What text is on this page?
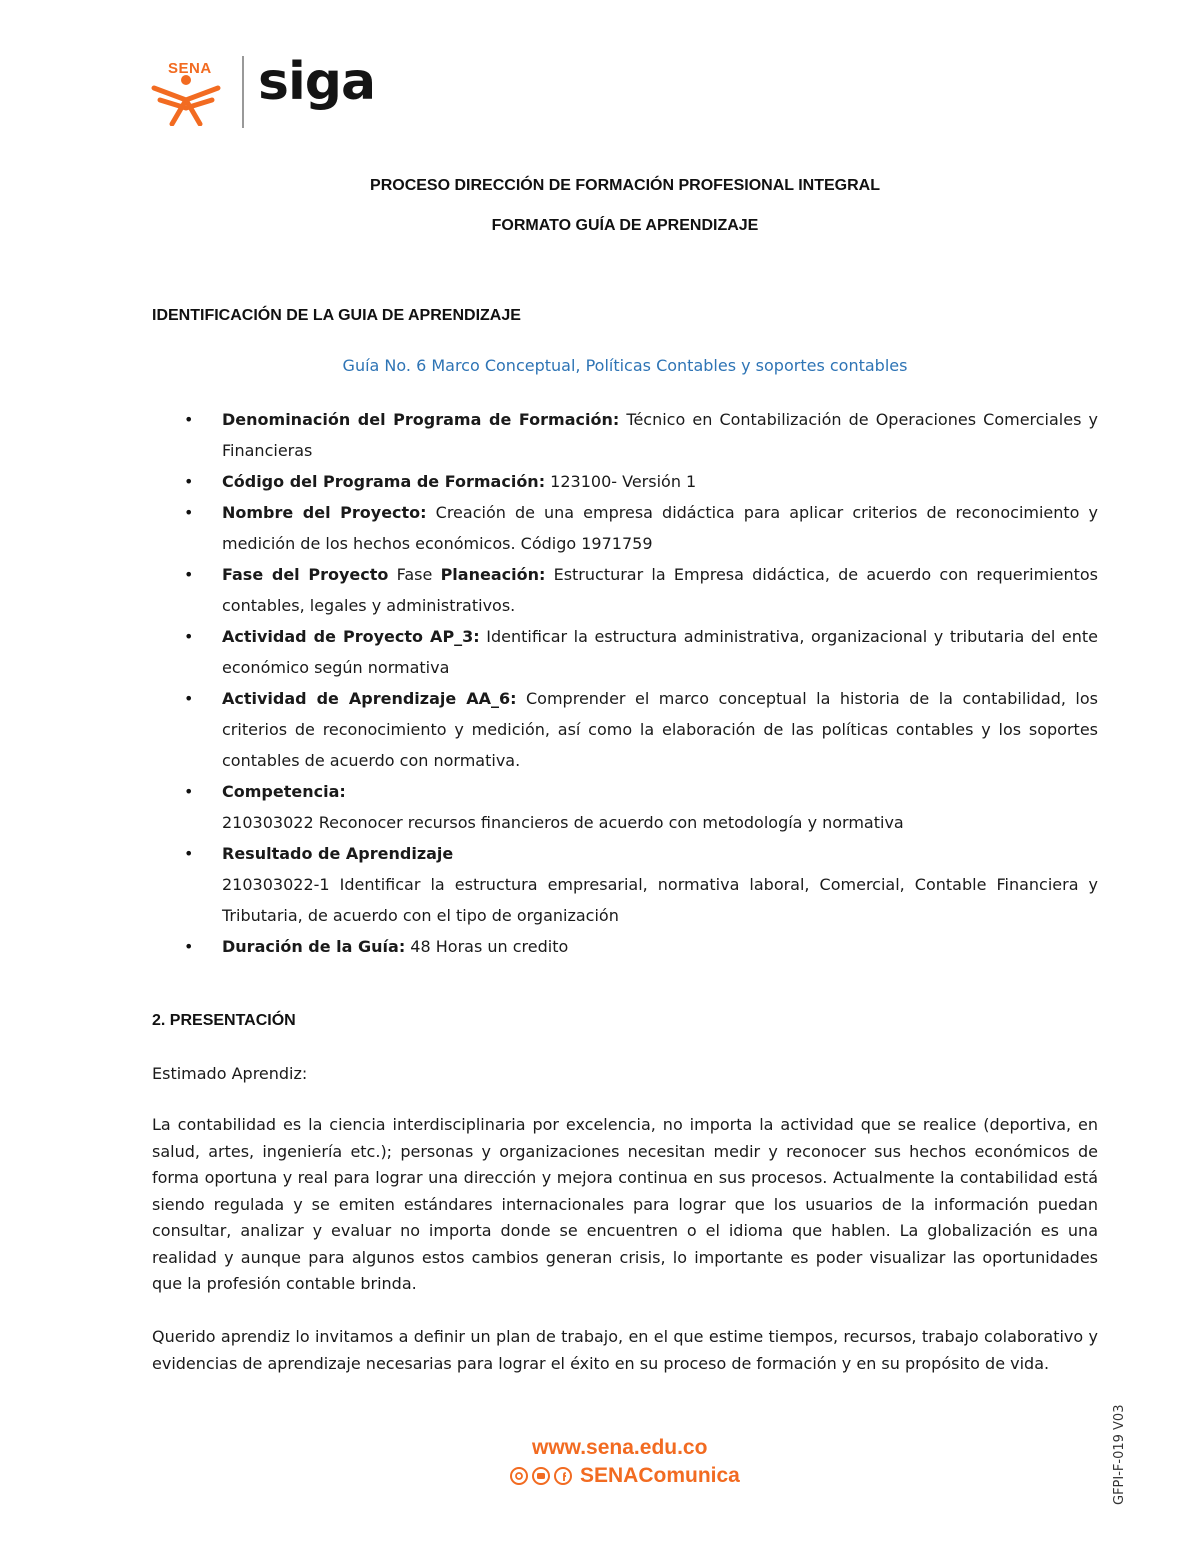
SENA siga
PROCESO DIRECCIÓN DE FORMACIÓN PROFESIONAL INTEGRAL
FORMATO GUÍA DE APRENDIZAJE
IDENTIFICACIÓN DE LA GUIA DE APRENDIZAJE
Guía No. 6 Marco Conceptual, Políticas Contables y soportes contables
• Denominación del Programa de Formación: Técnico en Contabilización de Operaciones Comerciales y Financieras
• Código del Programa de Formación: 123100- Versión 1
• Nombre del Proyecto: Creación de una empresa didáctica para aplicar criterios de reconocimiento y medición de los hechos económicos. Código 1971759
• Fase del Proyecto Fase Planeación: Estructurar la Empresa didáctica, de acuerdo con requerimientos contables, legales y administrativos.
• Actividad de Proyecto AP_3: Identificar la estructura administrativa, organizacional y tributaria del ente económico según normativa
• Actividad de Aprendizaje AA_6: Comprender el marco conceptual la historia de la contabilidad, los criterios de reconocimiento y medición, así como la elaboración de las políticas contables y los soportes contables de acuerdo con normativa.
• Competencia:
210303022 Reconocer recursos financieros de acuerdo con metodología y normativa
• Resultado de Aprendizaje
210303022-1 Identificar la estructura empresarial, normativa laboral, Comercial, Contable Financiera y Tributaria, de acuerdo con el tipo de organización
• Duración de la Guía: 48 Horas un credito
2. PRESENTACIÓN
Estimado Aprendiz:
La contabilidad es la ciencia interdisciplinaria por excelencia, no importa la actividad que se realice (deportiva, en salud, artes, ingeniería etc.); personas y organizaciones necesitan medir y reconocer sus hechos económicos de forma oportuna y real para lograr una dirección y mejora continua en sus procesos. Actualmente la contabilidad está siendo regulada y se emiten estándares internacionales para lograr que los usuarios de la información puedan consultar, analizar y evaluar no importa donde se encuentren o el idioma que hablen. La globalización es una realidad y aunque para algunos estos cambios generan crisis, lo importante es poder visualizar las oportunidades que la profesión contable brinda.
Querido aprendiz lo invitamos a definir un plan de trabajo, en el que estime tiempos, recursos, trabajo colaborativo y evidencias de aprendizaje necesarias para lograr el éxito en su proceso de formación y en su propósito de vida.
www.sena.edu.co
SENAComunica	GFPI-F-019 V03
